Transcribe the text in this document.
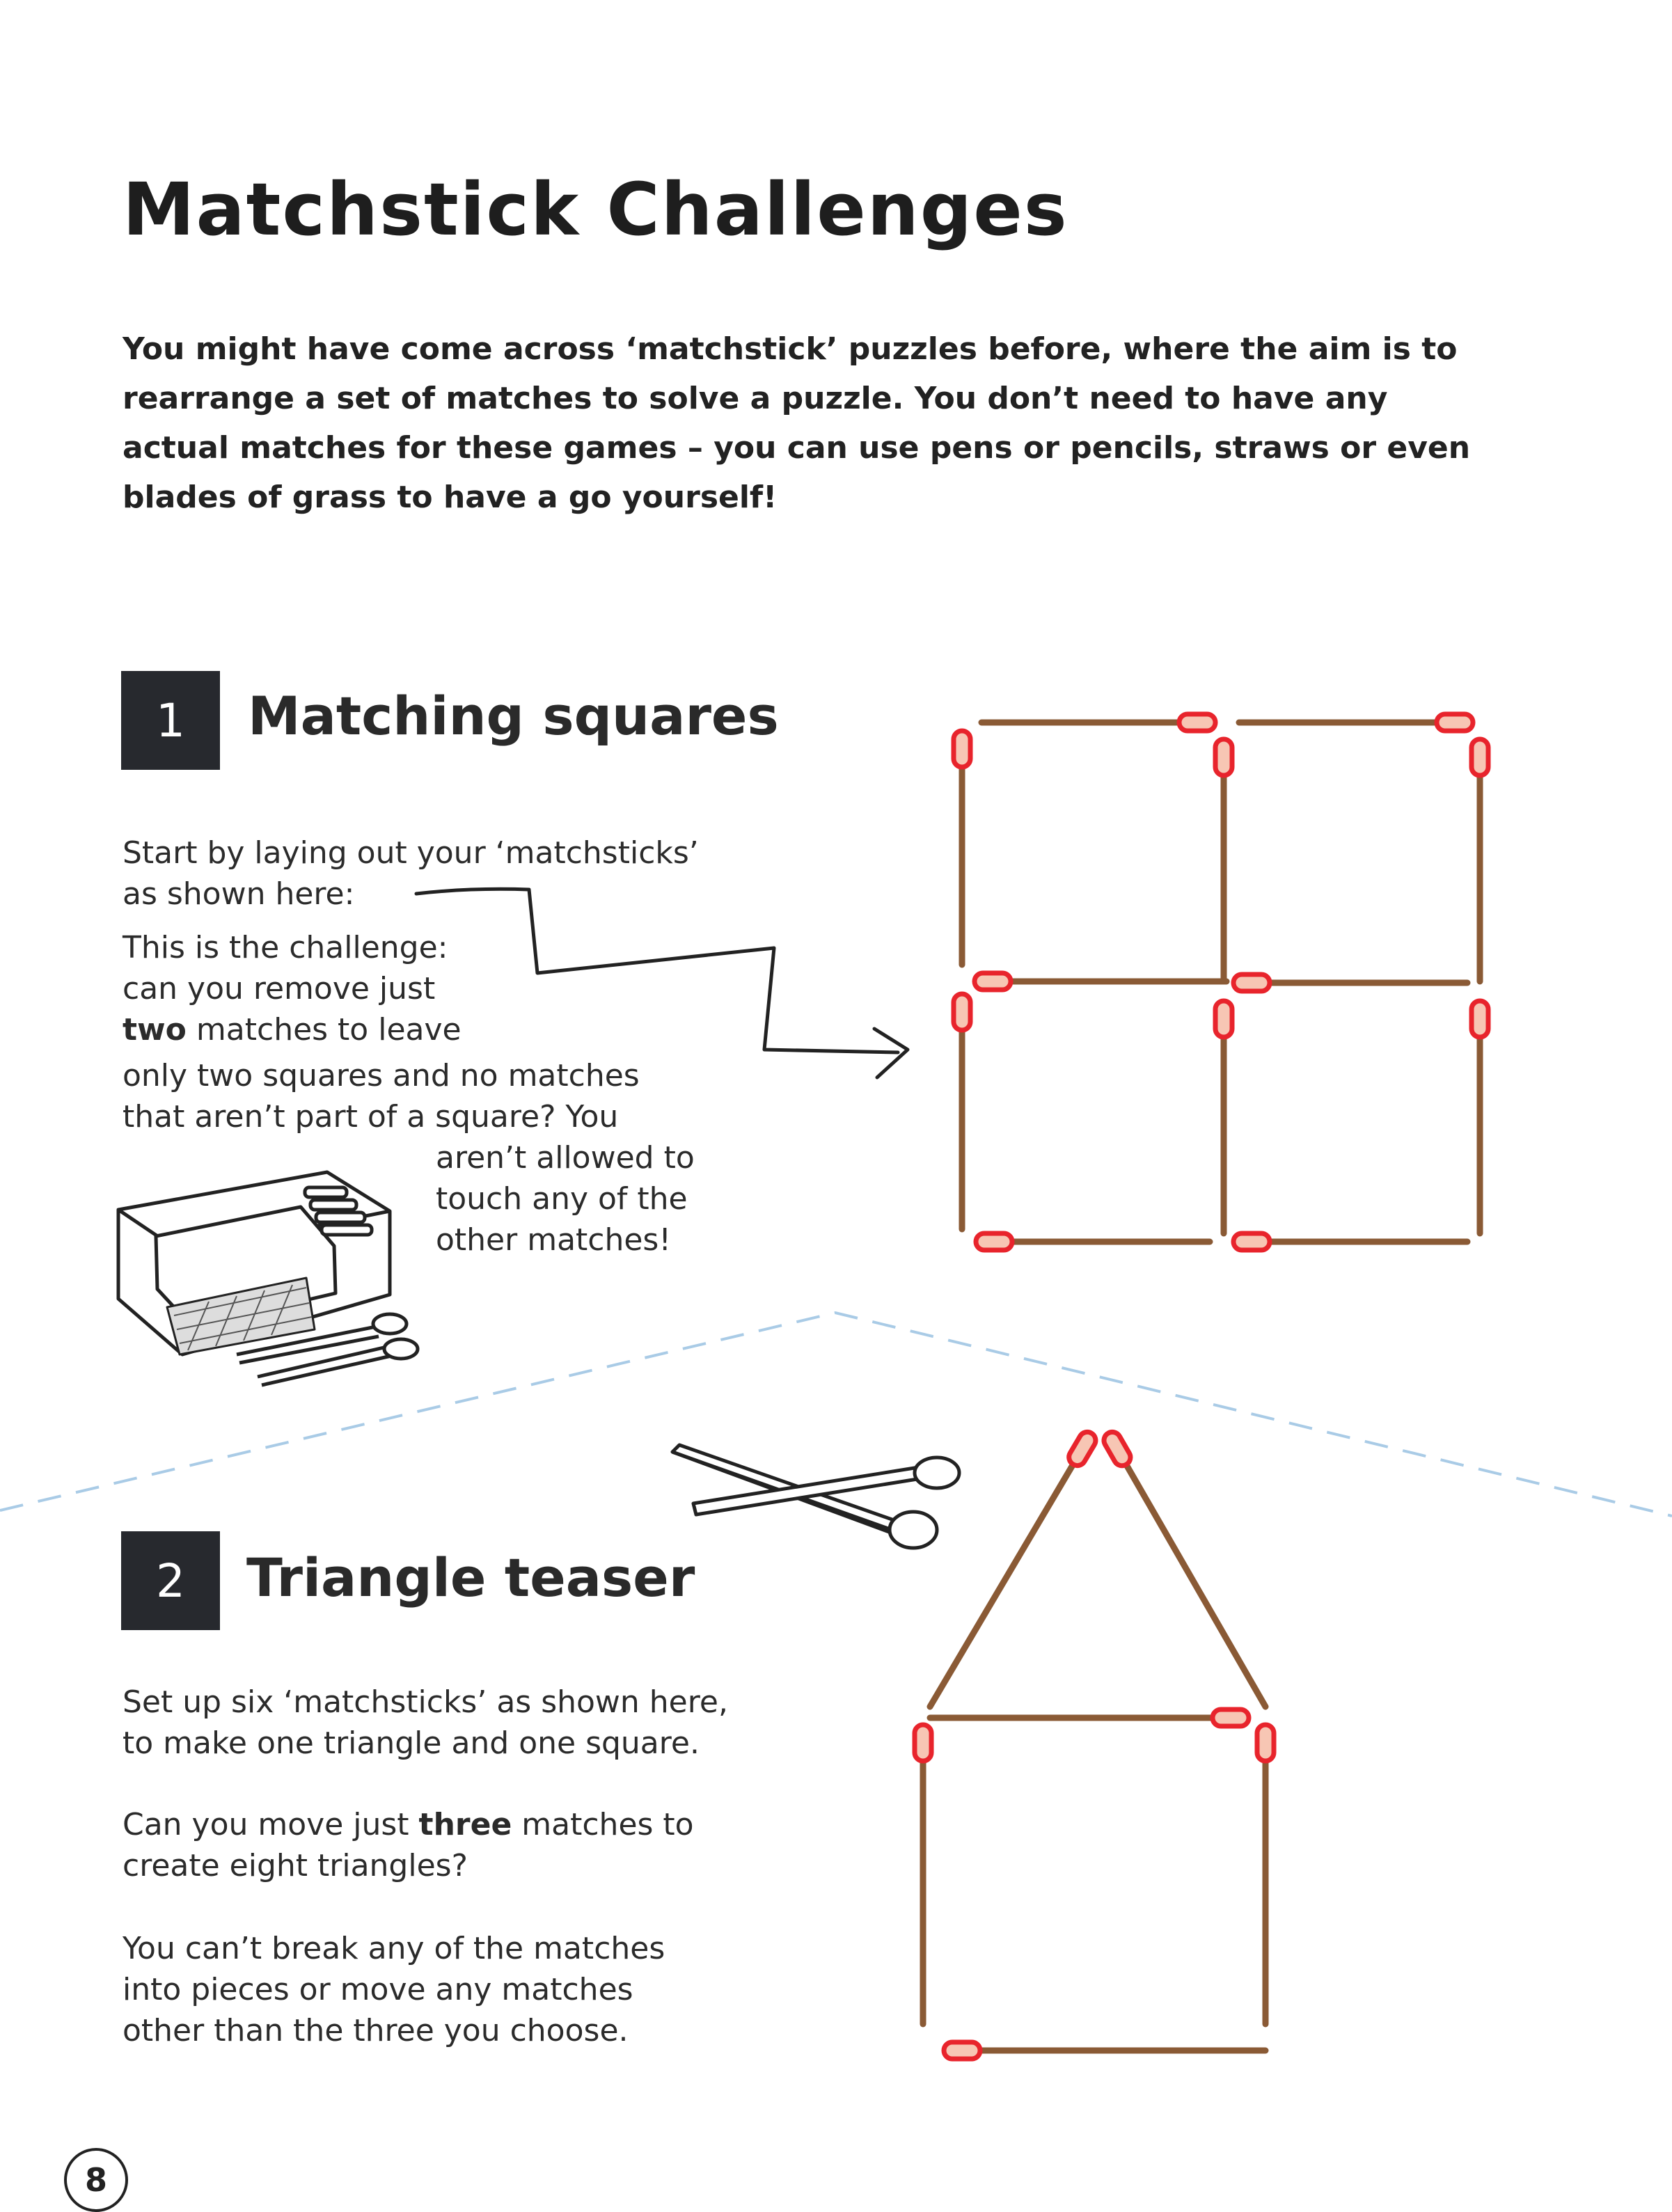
Matchstick Challenges

You might have come across ‘matchstick’ puzzles before, where the aim is to rearrange a set of matches to solve a puzzle. You don’t need to have any actual matches for these games – you can use pens or pencils, straws or even blades of grass to have a go yourself!

1	Matching squares

Start by laying out your ‘matchsticks’

as shown here:

This is the challenge:

can you remove just

two matches to leave

only two squares and no matches

that aren’t part of a square? You

aren’t allowed to

touch any of the

other matches!

2	Triangle teaser

Set up six ‘matchsticks’ as shown here,

to make one triangle and one square.

Can you move just three matches to

create eight triangles?

You can’t break any of the matches

into pieces or move any matches

other than the three you choose.

8
